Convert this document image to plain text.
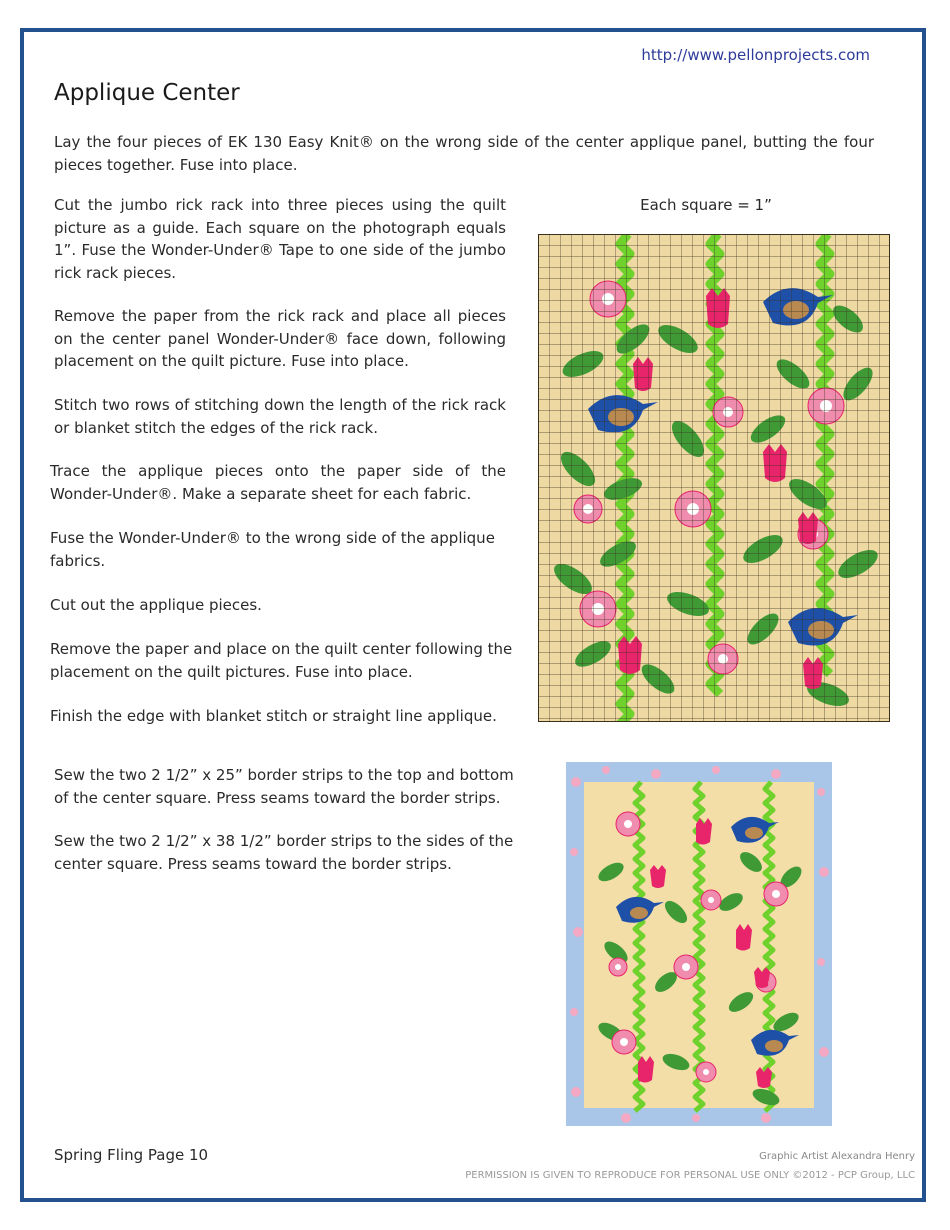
http://www.pellonprojects.com
Applique Center

Lay the four pieces of EK 130 Easy Knit® on the wrong side of the center applique panel, butting the four pieces together. Fuse into place.

Cut the jumbo rick rack into three pieces using the quilt picture as a guide. Each square on the photograph equals 1”. Fuse the Wonder-Under® Tape to one side of the jumbo rick rack pieces.

Remove the paper from the rick rack and place all pieces on the center panel Wonder-Under® face down, following placement on the quilt picture. Fuse into place.

Stitch two rows of stitching down the length of the rick rack or blanket stitch the edges of the rick rack.

Trace the applique pieces onto the paper side of the Wonder-Under®. Make a separate sheet for each fabric.

Fuse the Wonder-Under® to the wrong side of the applique fabrics.

Cut out the applique pieces.

Remove the paper and place on the quilt center following the placement on the quilt pictures. Fuse into place.

Finish the edge with blanket stitch or straight line applique.

Sew the two 2 1/2” x 25” border strips to the top and bottom of the center square. Press seams toward the border strips.

Sew the two 2 1/2” x 38 1/2” border strips to the sides of the center square. Press seams toward the border strips.

Each square = 1”
Spring Fling Page 10	Graphic Artist Alexandra Henry
PERMISSION IS GIVEN TO REPRODUCE FOR PERSONAL USE ONLY ©2012 - PCP Group, LLC
